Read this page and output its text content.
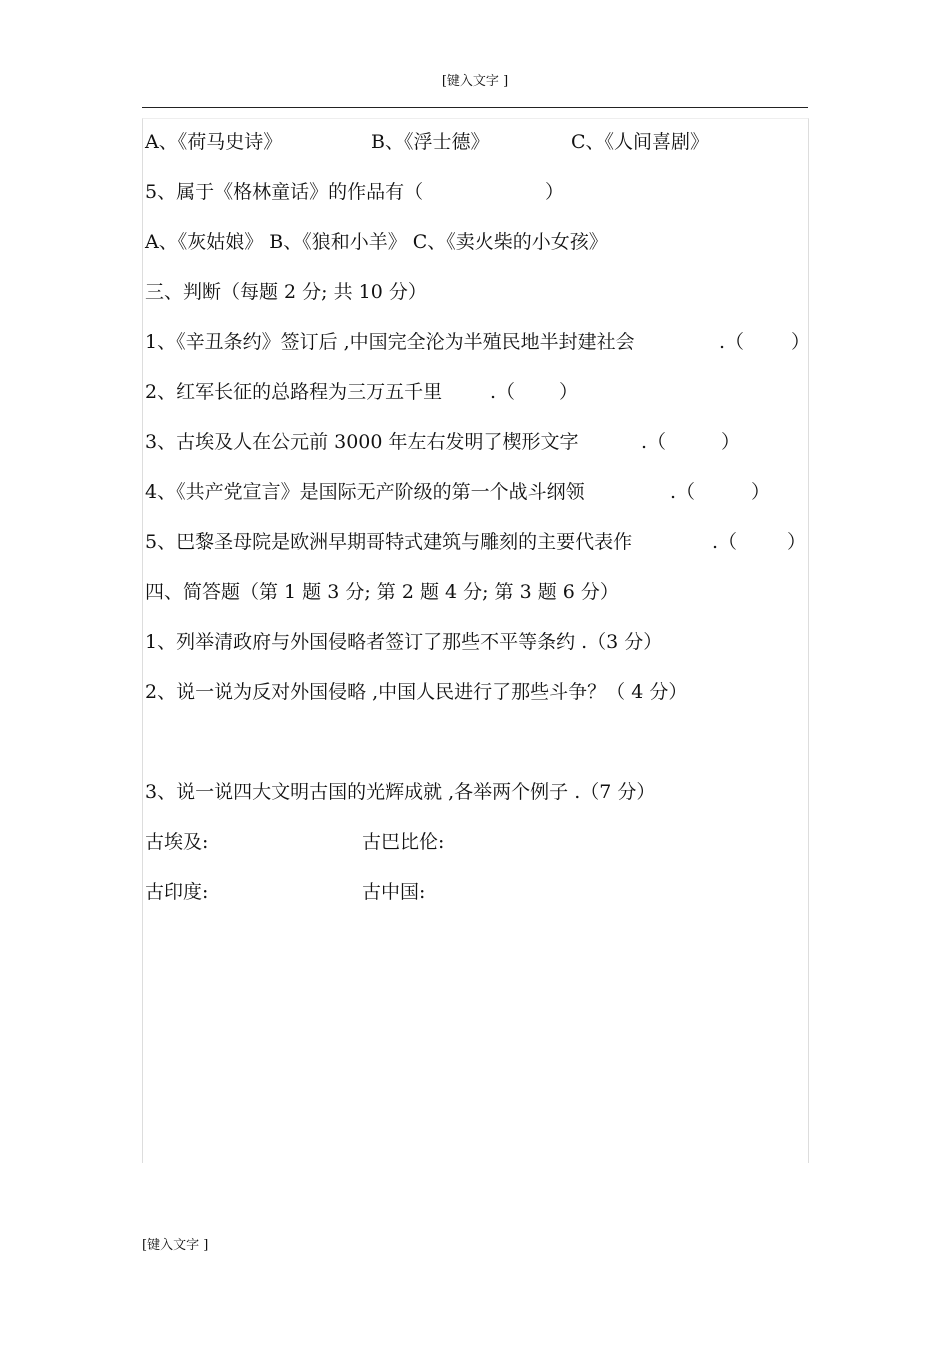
[键入文字 ]
A、《荷马史诗》	B、《浮士德》	C、《人间喜剧》
5、属于《格林童话》的作品有（	）
A、《灰姑娘》 B、《狼和小羊》 C、《卖火柴的小女孩》
三、判断（每题 2 分; 共 10 分）
1、《辛丑条约》签订后 ,中国完全沦为半殖民地半封建社会	.（ ）
2、红军长征的总路程为三万五千里	.（ ）
3、古埃及人在公元前 3000 年左右发明了楔形文字	.（	）
4、《共产党宣言》是国际无产阶级的第一个战斗纲领	.（	）
5、巴黎圣母院是欧洲早期哥特式建筑与雕刻的主要代表作	.（	）
四、简答题（第 1 题 3 分; 第 2 题 4 分; 第 3 题 6 分）
1、列举清政府与外国侵略者签订了那些不平等条约 .（3 分）
2、说一说为反对外国侵略 ,中国人民进行了那些斗争？（ 4 分）
3、说一说四大文明古国的光辉成就 ,各举两个例子 .（7 分）
古埃及:	古巴比伦:
古印度:	古中国:
[键入文字 ]
